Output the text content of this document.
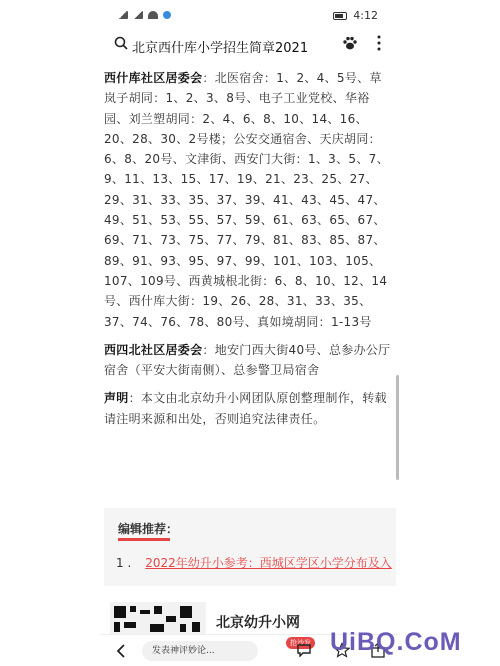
4:12
北京西什库小学招生简章2021

西什库社区居委会：北医宿舍：1、2、4、5号、草岚子胡同：1、2、3、8号、电子工业党校、华裕园、刘兰塑胡同：2、4、6、8、10、14、16、20、28、30、2号楼；公安交通宿舍、天庆胡同：6、8、20号、文津街、西安门大街：1、3、5、7、9、11、13、15、17、19、21、23、25、27、29、31、33、35、37、39、41、43、45、47、49、51、53、55、57、59、61、63、65、67、69、71、73、75、77、79、81、83、85、87、89、91、93、95、97、99、101、103、105、107、109号、西黄城根北街：6、8、10、12、14号、西什库大街：19、26、28、31、33、35、37、74、76、78、80号、真如境胡同：1-13号

西四北社区居委会：地安门西大街40号、总参办公厅宿舍（平安大街南侧）、总参警卫局宿舍

声明：本文由北京幼升小网团队原创整理制作，转载请注明来源和出处，否则追究法律责任。

编辑推荐：
1 . 2022年幼升小参考：西城区学区小学分布及入
北京幼升小网
发表神评妙论...
抢沙发 UiBQ.CoM
